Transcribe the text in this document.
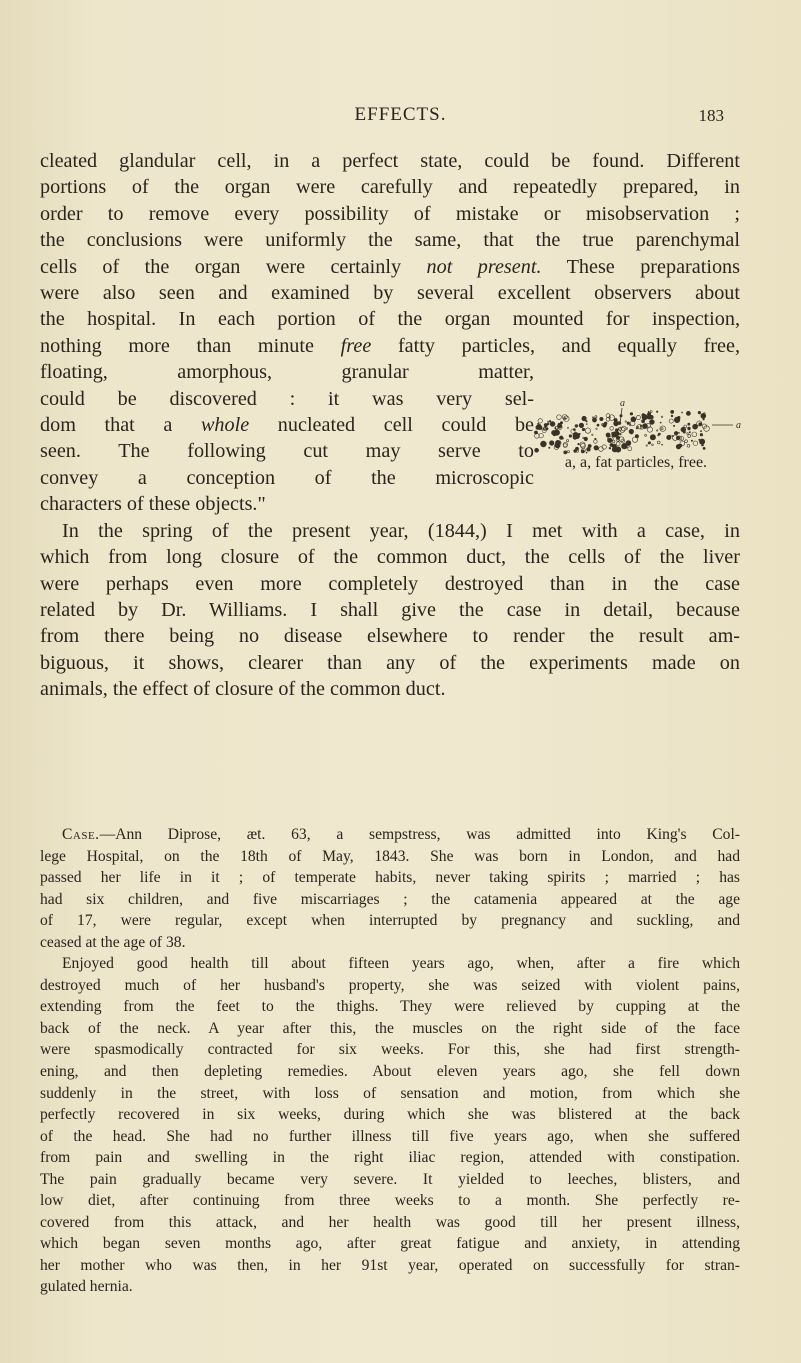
EFFECTS.	183
cleated glandular cell, in a perfect state, could be found. Different
portions of the organ were carefully and repeatedly prepared, in
order to remove every possibility of mistake or misobservation ;
the conclusions were uniformly the same, that the true parenchymal
cells of the organ were certainly not present. These preparations
were also seen and examined by several excellent observers about
the hospital. In each portion of the organ mounted for inspection,
nothing more than minute free fatty particles, and equally free,
floating, amorphous, granular matter,
could be discovered : it was very sel-
dom that a whole nucleated cell could be
seen. The following cut may serve to
convey a conception of the microscopic
characters of these objects."
In the spring of the present year, (1844,) I met with a case, in
which from long closure of the common duct, the cells of the liver
were perhaps even more completely destroyed than in the case
related by Dr. Williams. I shall give the case in detail, because
from there being no disease elsewhere to render the result am-
biguous, it shows, clearer than any of the experiments made on
animals, the effect of closure of the common duct.
a
a
a, a, fat particles, free.
Case.—Ann Diprose, æt. 63, a sempstress, was admitted into King's Col-
lege Hospital, on the 18th of May, 1843. She was born in London, and had
passed her life in it ; of temperate habits, never taking spirits ; married ; has
had six children, and five miscarriages ; the catamenia appeared at the age
of 17, were regular, except when interrupted by pregnancy and suckling, and
ceased at the age of 38.
Enjoyed good health till about fifteen years ago, when, after a fire which
destroyed much of her husband's property, she was seized with violent pains,
extending from the feet to the thighs. They were relieved by cupping at the
back of the neck. A year after this, the muscles on the right side of the face
were spasmodically contracted for six weeks. For this, she had first strength-
ening, and then depleting remedies. About eleven years ago, she fell down
suddenly in the street, with loss of sensation and motion, from which she
perfectly recovered in six weeks, during which she was blistered at the back
of the head. She had no further illness till five years ago, when she suffered
from pain and swelling in the right iliac region, attended with constipation.
The pain gradually became very severe. It yielded to leeches, blisters, and
low diet, after continuing from three weeks to a month. She perfectly re-
covered from this attack, and her health was good till her present illness,
which began seven months ago, after great fatigue and anxiety, in attending
her mother who was then, in her 91st year, operated on successfully for stran-
gulated hernia.
